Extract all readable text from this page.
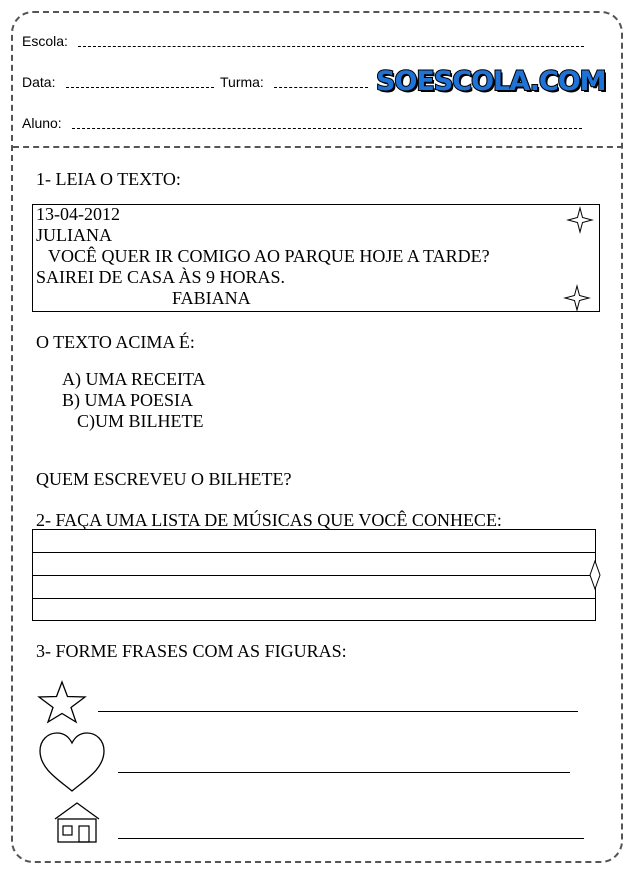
Escola:
Data:	Turma:	SOESCOLA.COM
Aluno:
1- LEIA O TEXTO:
13-04-2012
JULIANA
VOCÊ QUER IR COMIGO AO PARQUE HOJE A TARDE?
SAIREI DE CASA ÀS 9 HORAS.
FABIANA
O TEXTO ACIMA É:
A) UMA RECEITA
B) UMA POESIA
C)UM BILHETE
QUEM ESCREVEU O BILHETE?
2- FAÇA UMA LISTA DE MÚSICAS QUE VOCÊ CONHECE:
3- FORME FRASES COM AS FIGURAS:
